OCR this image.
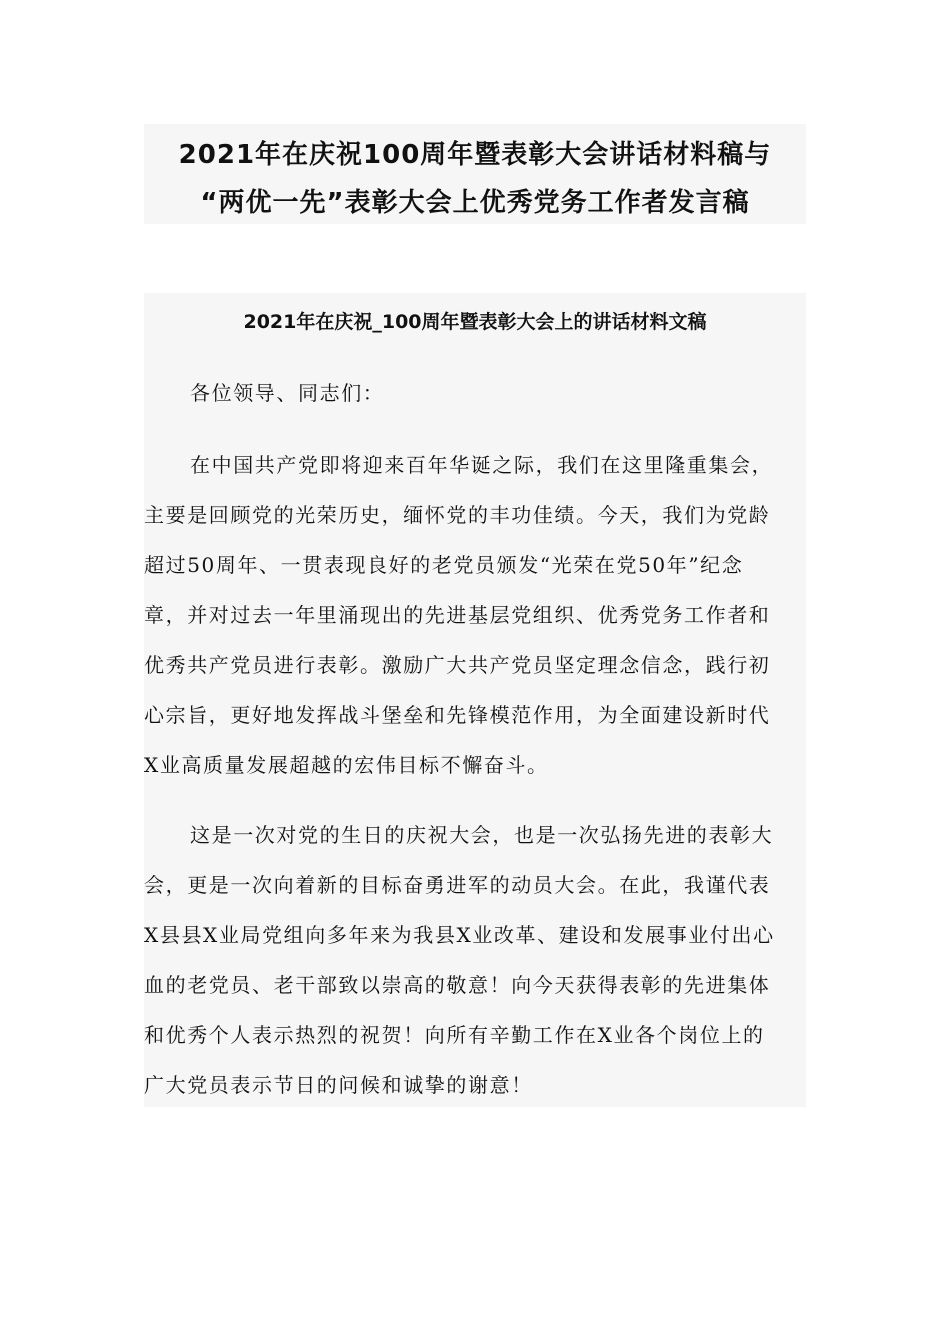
2021年在庆祝100周年暨表彰大会讲话材料稿与
“两优一先”表彰大会上优秀党务工作者发言稿
2021年在庆祝_100周年暨表彰大会上的讲话材料文稿
各位领导、同志们：
在中国共产党即将迎来百年华诞之际，我们在这里隆重集会，
主要是回顾党的光荣历史，缅怀党的丰功佳绩。今天，我们为党龄
超过50周年、一贯表现良好的老党员颁发“光荣在党50年”纪念
章，并对过去一年里涌现出的先进基层党组织、优秀党务工作者和
优秀共产党员进行表彰。激励广大共产党员坚定理念信念，践行初
心宗旨，更好地发挥战斗堡垒和先锋模范作用，为全面建设新时代
X业高质量发展超越的宏伟目标不懈奋斗。
这是一次对党的生日的庆祝大会，也是一次弘扬先进的表彰大
会，更是一次向着新的目标奋勇进军的动员大会。在此，我谨代表
X县县X业局党组向多年来为我县X业改革、建设和发展事业付出心
血的老党员、老干部致以崇高的敬意！向今天获得表彰的先进集体
和优秀个人表示热烈的祝贺！向所有辛勤工作在X业各个岗位上的
广大党员表示节日的问候和诚挚的谢意！
